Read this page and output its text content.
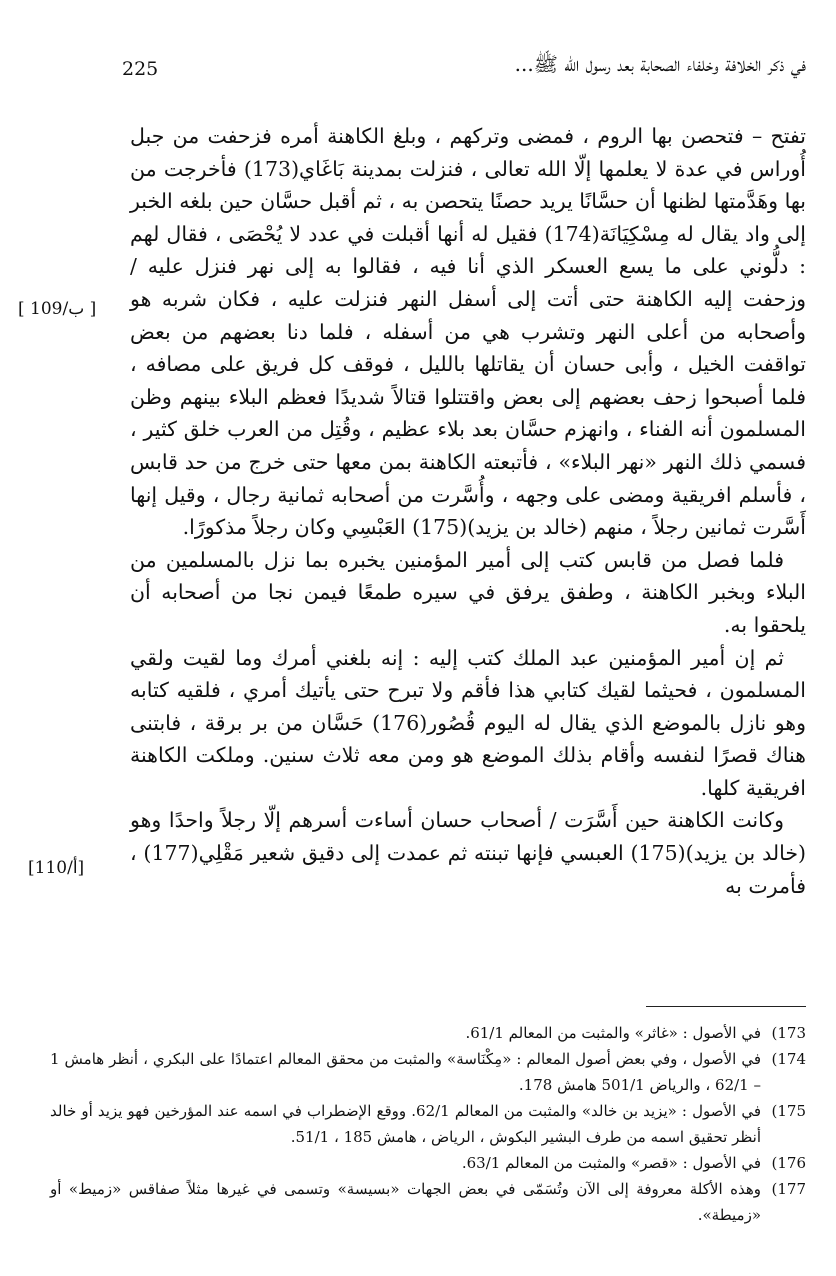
225	في ذكر الخلافة وخلفاء الصحابة بعد رسول الله ﷺ...

تفتح – فتحصن بها الروم ، فمضى وتركهم ، وبلغ الكاهنة أمره فزحفت من جبل أُوراس في عدة لا يعلمها إلّا الله تعالى ، فنزلت بمدينة بَاغَاي(173) فأخرجت من بها وهَدَّمتها لظنها أن حسَّانًا يريد حصنًا يتحصن به ، ثم أقبل حسَّان حين بلغه الخبر إلى واد يقال له مِسْكِيَانَة(174) فقيل له أنها أقبلت في عدد لا يُحْصَى ، فقال لهم : دلُّوني على ما يسع العسكر الذي أنا فيه ، فقالوا به إلى نهر فنزل عليه / وزحفت إليه الكاهنة حتى أتت إلى أسفل النهر فنزلت عليه ، فكان شربه هو وأصحابه من أعلى النهر وتشرب هي من أسفله ، فلما دنا بعضهم من بعض تواقفت الخيل ، وأبى حسان أن يقاتلها بالليل ، فوقف كل فريق على مصافه ، فلما أصبحوا زحف بعضهم إلى بعض واقتتلوا قتالاً شديدًا فعظم البلاء بينهم وظن المسلمون أنه الفناء ، وانهزم حسَّان بعد بلاء عظيم ، وقُتِل من العرب خلق كثير ، فسمي ذلك النهر «نهر البلاء» ، فأتبعته الكاهنة بمن معها حتى خرج من حد قابس ، فأسلم افريقية ومضى على وجهه ، وأُسَّرت من أصحابه ثمانية رجال ، وقيل إنها أَسَّرت ثمانين رجلاً ، منهم (خالد بن يزيد)(175) العَبْسِي وكان رجلاً مذكورًا.

فلما فصل من قابس كتب إلى أمير المؤمنين يخبره بما نزل بالمسلمين من البلاء وبخبر الكاهنة ، وطفق يرفق في سيره طمعًا فيمن نجا من أصحابه أن يلحقوا به.

ثم إن أمير المؤمنين عبد الملك كتب إليه : إنه بلغني أمرك وما لقيت ولقي المسلمون ، فحيثما لقيك كتابي هذا فأقم ولا تبرح حتى يأتيك أمري ، فلقيه كتابه وهو نازل بالموضع الذي يقال له اليوم قُصُور(176) حَسَّان من بر برقة ، فابتنى هناك قصرًا لنفسه وأقام بذلك الموضع هو ومن معه ثلاث سنين. وملكت الكاهنة افريقية كلها.

وكانت الكاهنة حين أَسَّرَت / أصحاب حسان أساءت أسرهم إلّا رجلاً واحدًا وهو (خالد بن يزيد)(175) العبسي فإنها تبنته ثم عمدت إلى دقيق شعير مَقْلِي(177) ، فأمرت به

[ 109/ب ]
[110/أ]
173)
في الأصول : «غاثر» والمثبت من المعالم 61/1.
174)
في الأصول ، وفي بعض أصول المعالم : «مِكْنَاسة» والمثبت من محقق المعالم اعتمادًا على البكري ، أنظر هامش 1 – 62/1 ، والرياض 501/1 هامش 178.
175)
في الأصول : «يزيد بن خالد» والمثبت من المعالم 62/1. ووقع الإضطراب في اسمه عند المؤرخين فهو يزيد أو خالد أنظر تحقيق اسمه من طرف البشير البكوش ، الرياض ، هامش 185 ، 51/1.
176)
في الأصول : «قصر» والمثبت من المعالم 63/1.
177)
وهذه الأكلة معروفة إلى الآن وتُسَمّى في بعض الجهات «بسيسة» وتسمى في غيرها مثلاً صفاقس «زميط» أو «زميطة».
